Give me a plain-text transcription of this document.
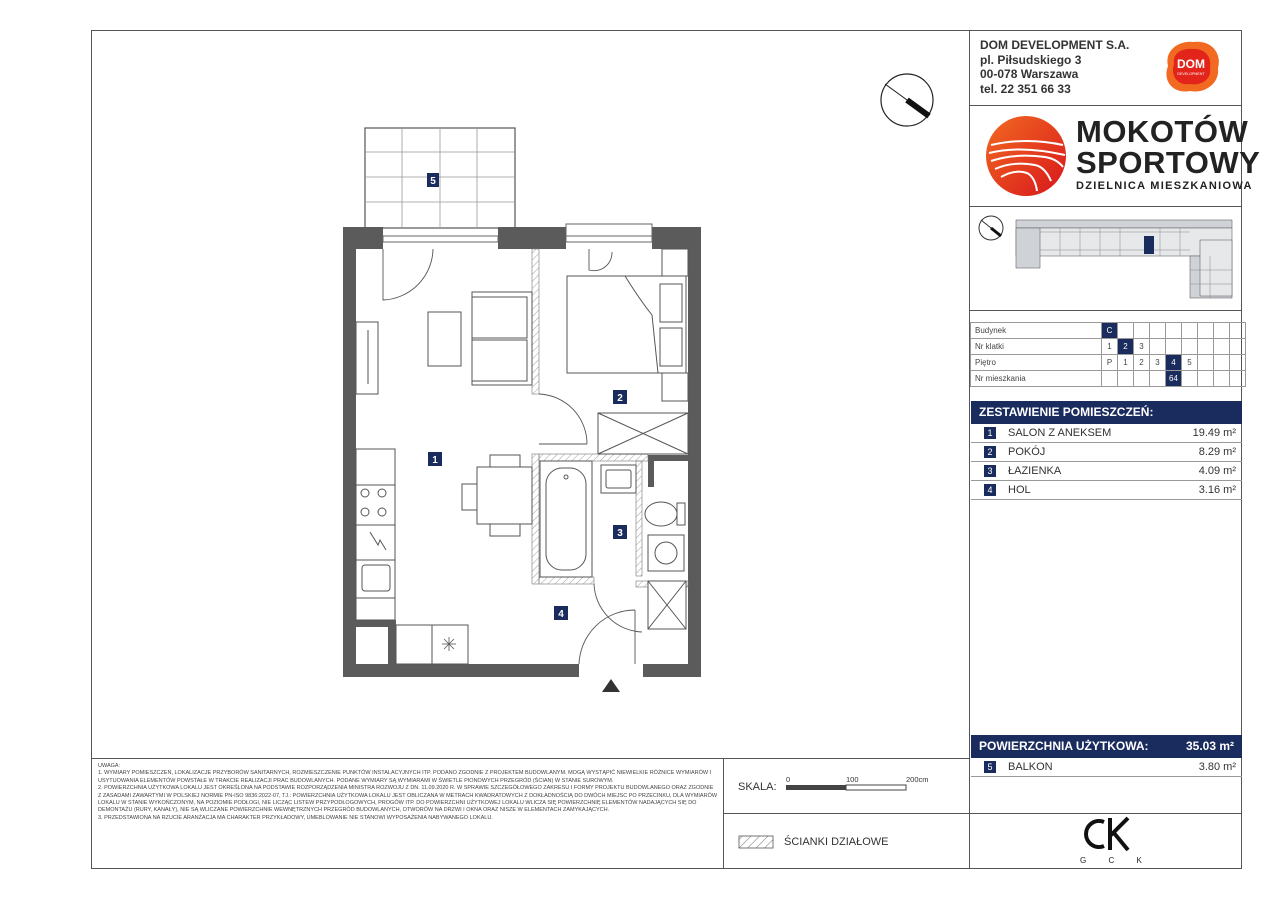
DOM DEVELOPMENT S.A.
pl. Piłsudskiego 3
00-078 Warszawa
tel. 22 351 66 33
DOM
DEVELOPMENT
MOKOTÓW
SPORTOWY
DZIELNICA MIESZKANIOWA
Budynek	C								
Nr klatki	1	2	3						
Piętro	P	1	2	3	4	5			
Nr mieszkania					64				
ZESTAWIENIE POMIESZCZEŃ:
1	SALON Z ANEKSEM	19.49 m²
2	POKÓJ	8.29 m²
3	ŁAZIENKA	4.09 m²
4	HOL	3.16 m²
POWIERZCHNIA UŻYTKOWA:	35.03 m²
5	BALKON	3.80 m²
UWAGA:
1. WYMIARY POMIESZCZEŃ, LOKALIZACJE PRZYBORÓW SANITARNYCH, ROZMIESZCZENIE PUNKTÓW INSTALACYJNYCH ITP. PODANO ZGODNIE Z PROJEKTEM BUDOWLANYM. MOGĄ WYSTĄPIĆ NIEWIELKIE RÓŻNICE WYMIARÓW I USYTUOWANIA ELEMENTÓW POWSTAŁE W TRAKCIE REALIZACJI PRAC BUDOWLANYCH. PODANE WYMIARY SĄ WYMIARAMI W ŚWIETLE PIONOWYCH PRZEGRÓD (ŚCIAN) W STANIE SUROWYM.
2. POWIERZCHNIA UŻYTKOWA LOKALU JEST OKREŚLONA NA PODSTAWIE ROZPORZĄDZENIA MINISTRA ROZWOJU Z DN. 11.09.2020 R. W SPRAWIE SZCZEGÓŁOWEGO ZAKRESU I FORMY PROJEKTU BUDOWLANEGO ORAZ ZGODNIE Z ZASADAMI ZAWARTYMI W POLSKIEJ NORMIE PN-ISO 9836:2022-07, TJ.: POWIERZCHNIA UŻYTKOWA LOKALU JEST OBLICZANA W METRACH KWADRATOWYCH Z DOKŁADNOŚCIĄ DO DWÓCH MIEJSC PO PRZECINKU, DLA WYMIARÓW LOKALU W STANIE WYKOŃCZONYM, NA POZIOMIE PODŁOGI, NIE LICZĄC LISTEW PRZYPODŁOGOWYCH, PROGÓW ITP. DO POWIERZCHNI UŻYTKOWEJ LOKALU WLICZA SIĘ POWIERZCHNIĘ ELEMENTÓW NADAJĄCYCH SIĘ DO DEMONTAŻU (RURY, KANAŁY), NIE SĄ WLICZANE POWIERZCHNIE WEWNĘTRZNYCH PRZEGRÓD BUDOWLANYCH, OTWORÓW NA DRZWI I OKNA ORAZ NISZE W ELEMENTACH ZAMYKAJĄCYCH.
3. PRZEDSTAWIONA NA RZUCIE ARANŻACJA MA CHARAKTER PRZYKŁADOWY, UMEBLOWANIE NIE STANOWI WYPOSAŻENIA NABYWANEGO LOKALU.
SKALA:
0	100	200cm
ŚCIANKI DZIAŁOWE
G C K
5
1
2
3
4
